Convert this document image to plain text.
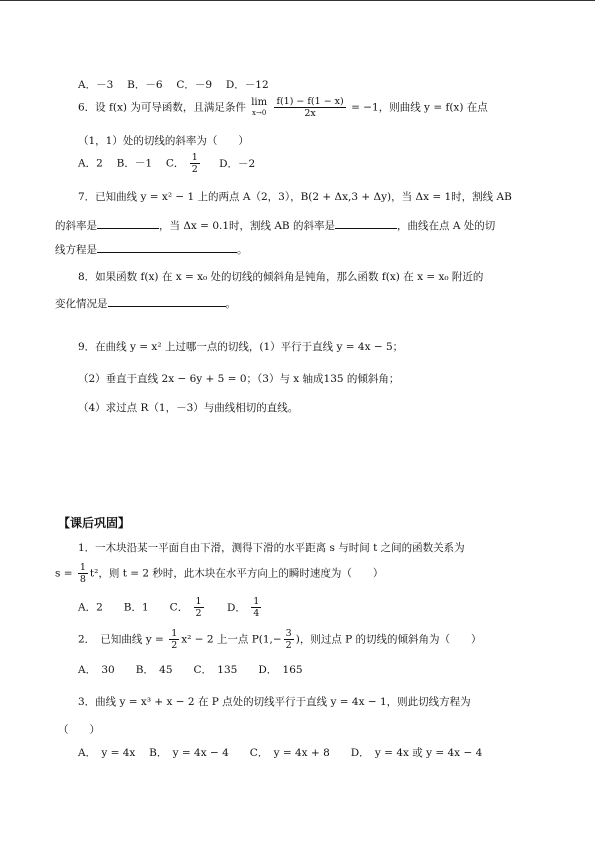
A．－3　 B．－6　 C．－9　 D．－12
6．设 f(x) 为可导函数，且满足条件 lim
x→0
$\frac{f(1) - f(1 - x)}{2x} = -1$，则曲线 y = f(x) 在点
（1，1）处的切线的斜率为（　　）
A．2　 B．－1　 C． $\frac{1}{2}$ D．－2
7．已知曲线 y = x² − 1 上的两点 A（2，3），B(2 + Δx,3 + Δy)，当 Δx = 1时，割线 AB
的斜率是	，当 Δx = 0.1时，割线 AB 的斜率是	，曲线在点 A 处的切
线方程是	。
8．如果函数 f(x) 在 x = x₀ 处的切线的倾斜角是钝角，那么函数 f(x) 在 x = x₀ 附近的
变化情况是	。
9．在曲线 y = x² 上过哪一点的切线，(1）平行于直线 y = 4x − 5；
（2）垂直于直线 2x − 6y + 5 = 0；（3）与 x 轴成135 的倾斜角；
（4）求过点 R（1，－3）与曲线相切的直线。
【课后巩固】
1．一木块沿某一平面自由下滑，测得下滑的水平距离 s 与时间 t 之间的函数关系为
$s = \frac{1}{8} t^2$，则 t = 2 秒时，此木块在水平方向上的瞬时速度为（　　）
A．2　　B．1　　C． $\frac{1}{2}$ D． $\frac{1}{4}$
2．　已知曲线 $y = \frac{1}{2} x^2 - 2$ 上一点 $P(1,- \frac{3}{2}$ )，则过点 P 的切线的倾斜角为（　　）
A．　30　　B．　45　　C．　135　　D．　165
3．曲线 y = x³ + x − 2 在 P 点处的切线平行于直线 y = 4x − 1，则此切线方程为
（　　）
A．　y = 4x　 B．　y = 4x − 4　　C．　y = 4x + 8　　D．　y = 4x 或 y = 4x − 4
